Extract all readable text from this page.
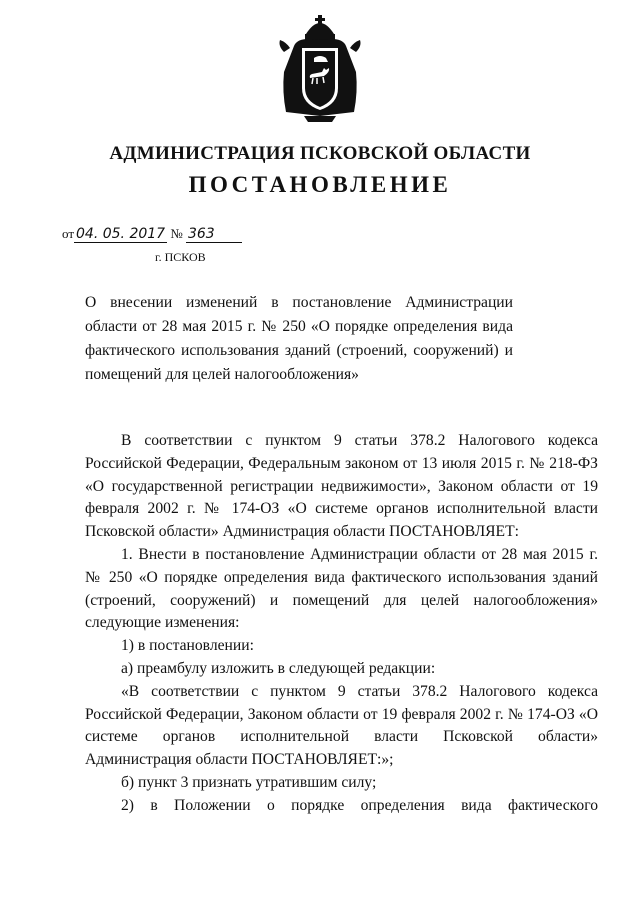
АДМИНИСТРАЦИЯ ПСКОВСКОЙ ОБЛАСТИ
ПОСТАНОВЛЕНИЕ
от 04. 05. 2017 № 363
г. ПСКОВ
О внесении изменений в постановление Администрации области от 28 мая 2015 г. № 250 «О порядке определения вида фактического использования зданий (строений, сооружений) и помещений для целей налогообложения»

В соответствии с пунктом 9 статьи 378.2 Налогового кодекса Российской Федерации, Федеральным законом от 13 июля 2015 г. № 218-ФЗ «О государственной регистрации недвижимости», Законом области от 19 февраля 2002 г. № 174-ОЗ «О системе органов исполнительной власти Псковской области» Администрация области ПОСТАНОВЛЯЕТ:

1. Внести в постановление Администрации области от 28 мая 2015 г. № 250 «О порядке определения вида фактического использования зданий (строений, сооружений) и помещений для целей налогообложения» следующие изменения:

1) в постановлении:

а) преамбулу изложить в следующей редакции:

«В соответствии с пунктом 9 статьи 378.2 Налогового кодекса Российской Федерации, Законом области от 19 февраля 2002 г. № 174-ОЗ «О системе органов исполнительной власти Псковской области» Администрация области ПОСТАНОВЛЯЕТ:»;

б) пункт 3 признать утратившим силу;

2) в Положении о порядке определения вида фактического
